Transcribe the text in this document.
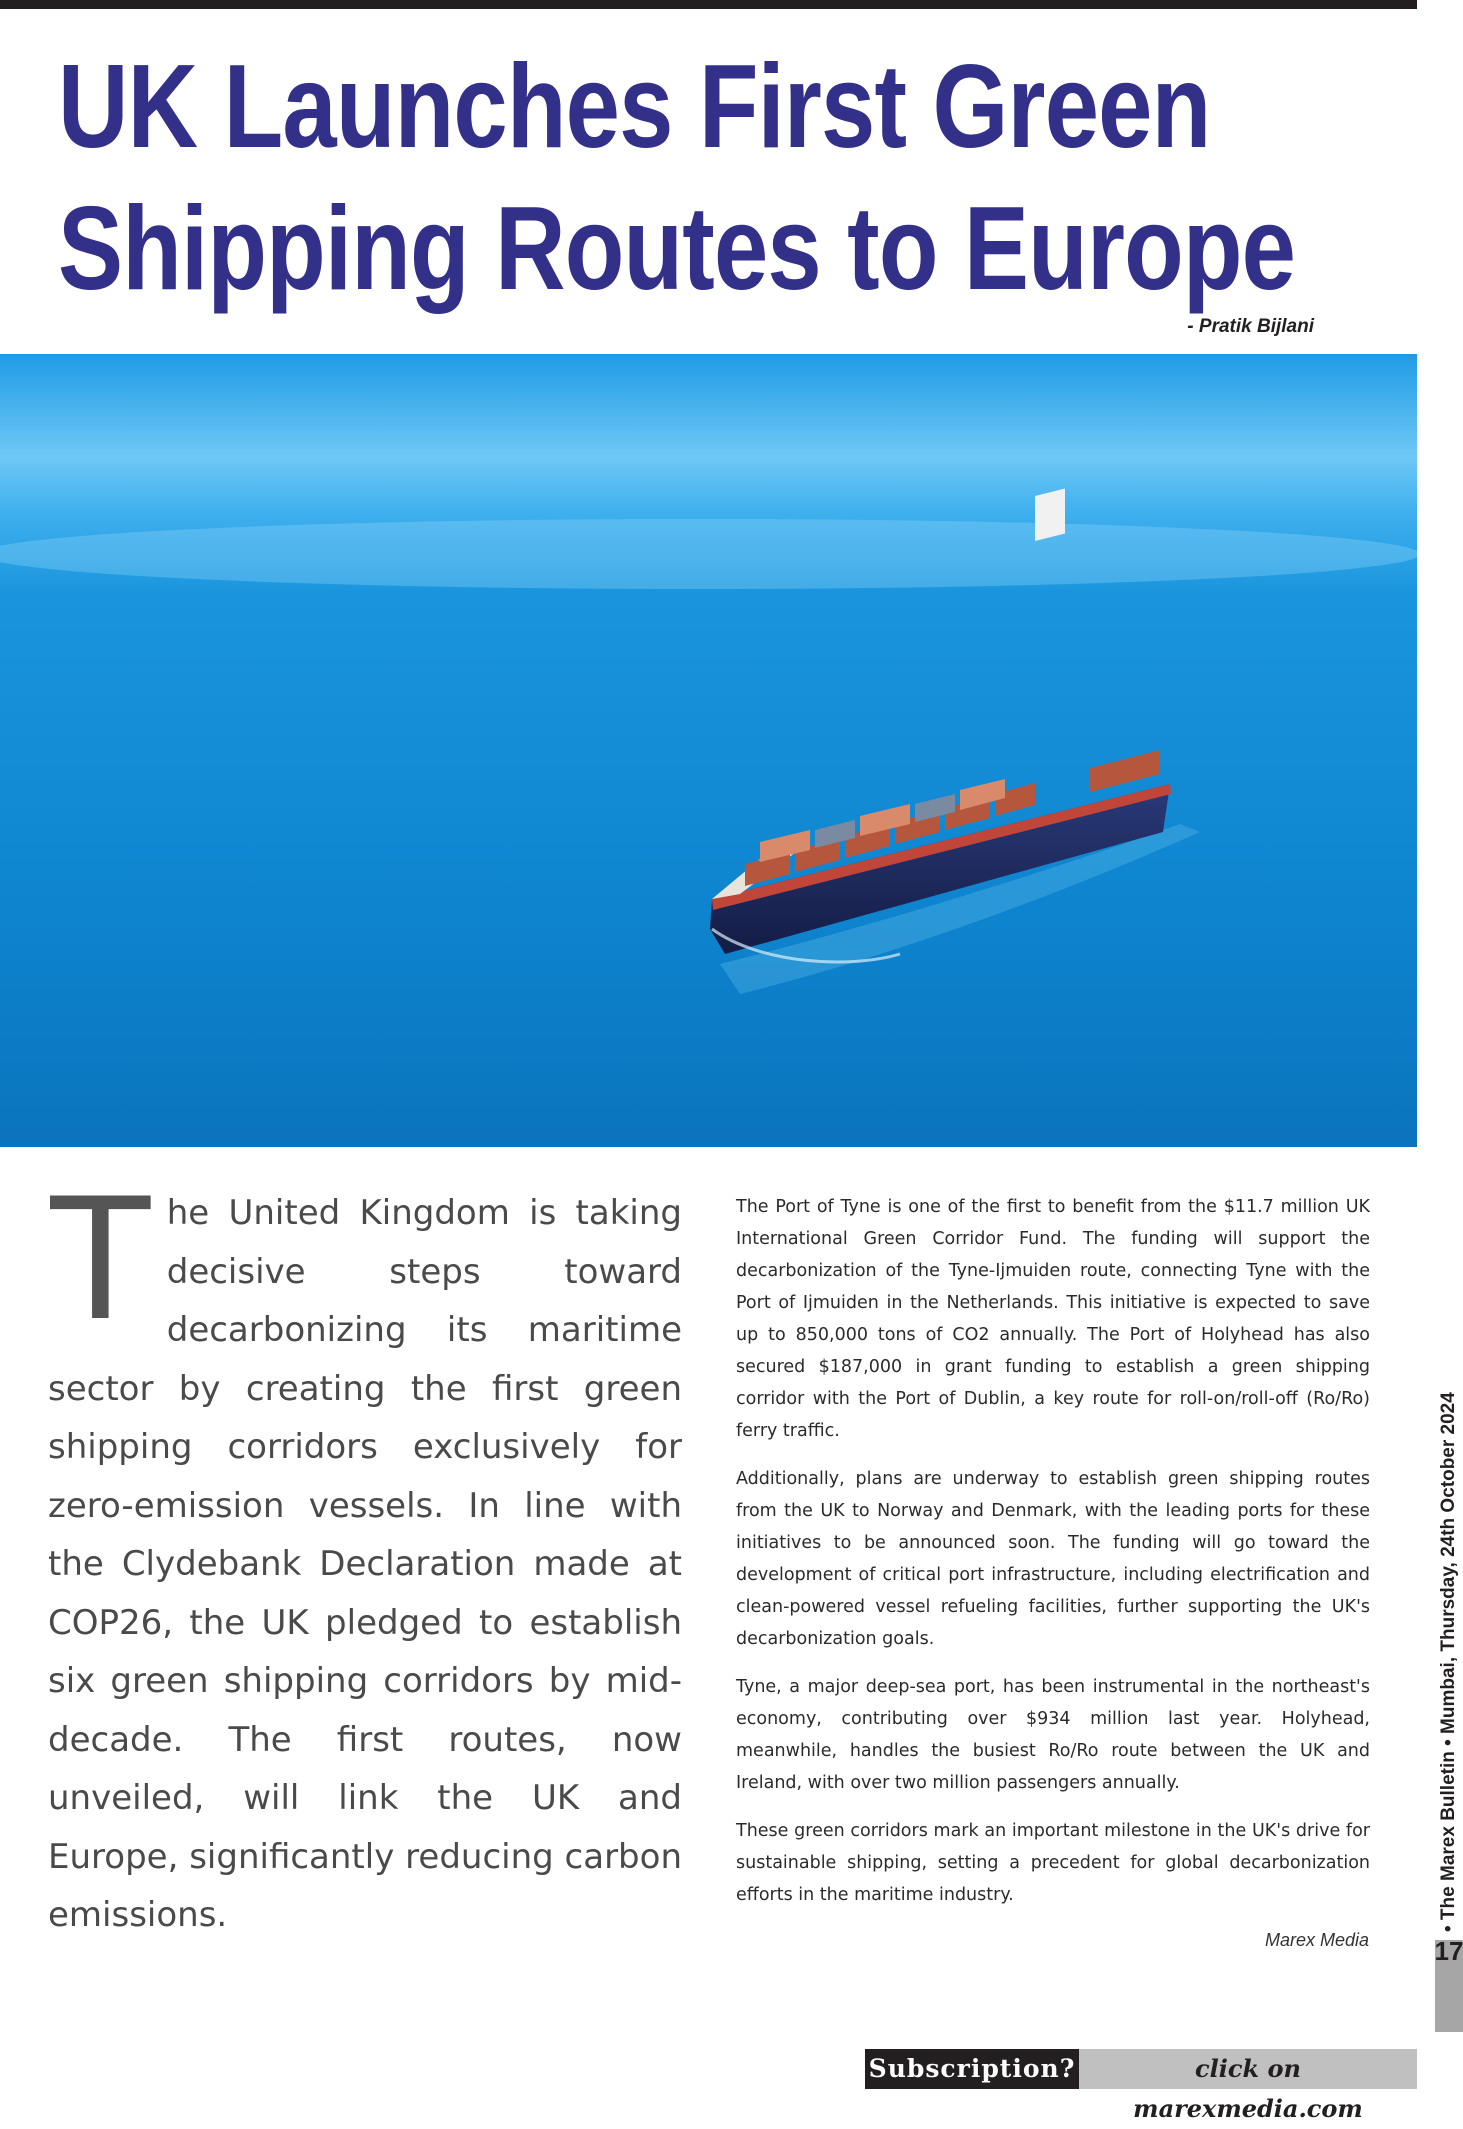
UK Launches First Green
Shipping Routes to Europe
- Pratik Bijlani

The United Kingdom is taking decisive steps toward decarbonizing its maritime sector by creating the first green shipping corridors exclusively for zero-emission vessels. In line with the Clydebank Declaration made at COP26, the UK pledged to establish six green shipping corridors by mid-decade. The first routes, now unveiled, will link the UK and Europe, significantly reducing carbon emissions.

The Port of Tyne is one of the first to benefit from the $11.7 million UK International Green Corridor Fund. The funding will support the decarbonization of the Tyne-Ijmuiden route, connecting Tyne with the Port of Ijmuiden in the Netherlands. This initiative is expected to save up to 850,000 tons of CO2 annually. The Port of Holyhead has also secured $187,000 in grant funding to establish a green shipping corridor with the Port of Dublin, a key route for roll-on/roll-off (Ro/Ro) ferry traffic.

Additionally, plans are underway to establish green shipping routes from the UK to Norway and Denmark, with the leading ports for these initiatives to be announced soon. The funding will go toward the development of critical port infrastructure, including electrification and clean-powered vessel refueling facilities, further supporting the UK's decarbonization goals.

Tyne, a major deep-sea port, has been instrumental in the northeast's economy, contributing over $934 million last year. Holyhead, meanwhile, handles the busiest Ro/Ro route between the UK and Ireland, with over two million passengers annually.

These green corridors mark an important milestone in the UK's drive for sustainable shipping, setting a precedent for global decarbonization efforts in the maritime industry.

Marex Media
• The Marex Bulletin • Mumbai, Thursday, 24th October 2024
17
Subscription?	click on marexmedia.com
